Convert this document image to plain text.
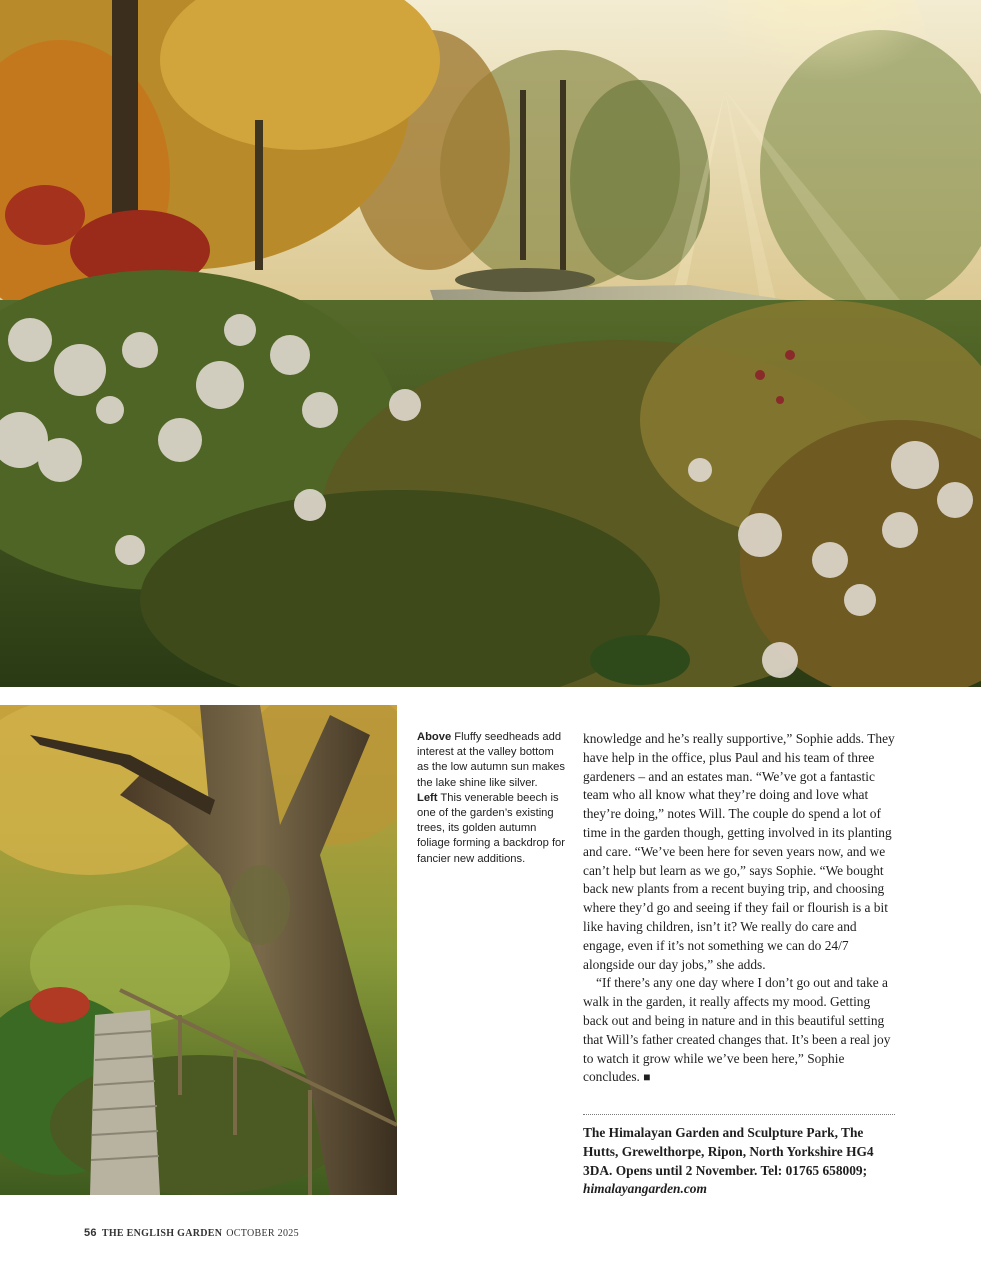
Above Fluffy seedheads add interest at the valley bottom as the low autumn sun makes the lake shine like silver.

Left This venerable beech is one of the garden’s existing trees, its golden autumn foliage forming a backdrop for fancier new additions.

knowledge and he’s really supportive,” Sophie adds. They have help in the office, plus Paul and his team of three gardeners – and an estates man. “We’ve got a fantastic team who all know what they’re doing and love what they’re doing,” notes Will. The couple do spend a lot of time in the garden though, getting involved in its planting and care. “We’ve been here for seven years now, and we can’t help but learn as we go,” says Sophie. “We bought back new plants from a recent buying trip, and choosing where they’d go and seeing if they fail or flourish is a bit like having children, isn’t it? We really do care and engage, even if it’s not something we can do 24/7 alongside our day jobs,” she adds.

“If there’s any one day where I don’t go out and take a walk in the garden, it really affects my mood. Getting back out and being in nature and in this beautiful setting that Will’s father created changes that. It’s been a real joy to watch it grow while we’ve been here,” Sophie concludes. ■

The Himalayan Garden and Sculpture Park, The Hutts, Grewelthorpe, Ripon, North Yorkshire HG4 3DA. Opens until 2 November. Tel: 01765 658009; himalayangarden.com
56 THE ENGLISH GARDEN OCTOBER 2025
